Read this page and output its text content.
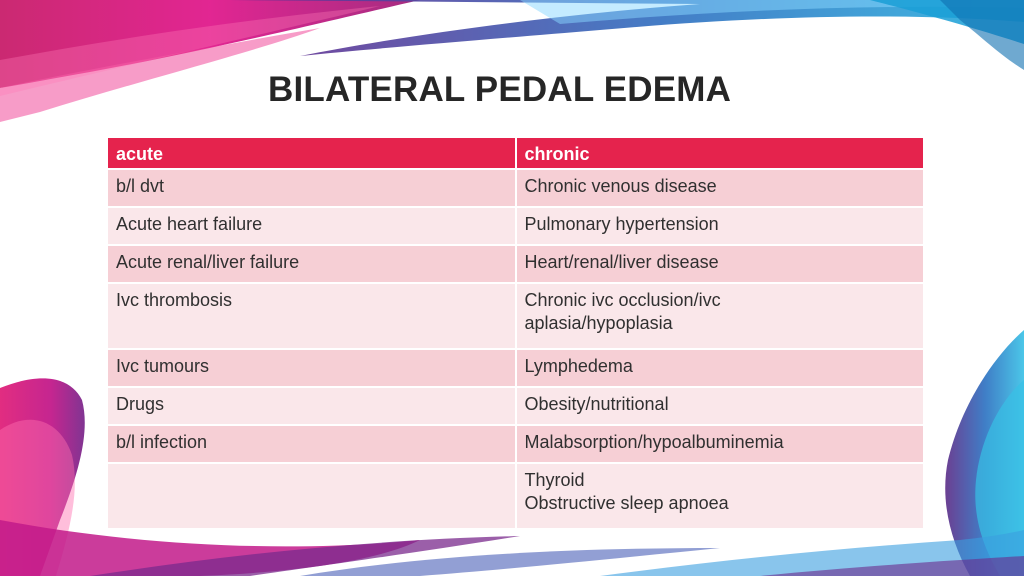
BILATERAL PEDAL EDEMA
acute	chronic
b/l dvt	Chronic venous disease

Acute heart failure	Pulmonary hypertension

Acute renal/liver failure	Heart/renal/liver disease

Ivc thrombosis	Chronic ivc occlusion/ivc
aplasia/hypoplasia

Ivc tumours	Lymphedema

Drugs	Obesity/nutritional

b/l infection	Malabsorption/hypoalbuminemia

	Thyroid
Obstructive sleep apnoea
